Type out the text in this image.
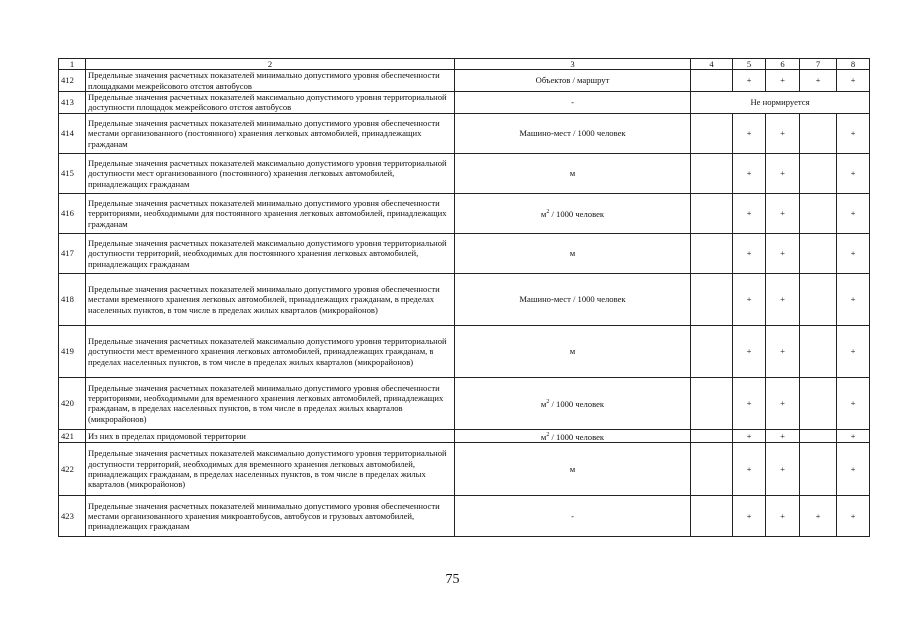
1	2	3	4	5	6	7	8
412	Предельные значения расчетных показателей минимально допустимого уровня обеспеченности площадками межрейсового отстоя автобусов	Объектов / маршрут		+	+	+	+
413	Предельные значения расчетных показателей максимально допустимого уровня территориальной доступности площадок межрейсового отстоя автобусов	-	Не нормируется				
414	Предельные значения расчетных показателей минимально допустимого уровня обеспеченности местами организованного (постоянного) хранения легковых автомобилей, принадлежащих гражданам	Машино-мест / 1000 человек		+	+		+
415	Предельные значения расчетных показателей максимально допустимого уровня территориальной доступности мест организованного (постоянного) хранения легковых автомобилей, принадлежащих гражданам	м		+	+		+
416	Предельные значения расчетных показателей минимально допустимого уровня обеспеченности территориями, необходимыми для постоянного хранения легковых автомобилей, принадлежащих гражданам	$м^2 / 1000$ человек		+	+		+
417	Предельные значения расчетных показателей максимально допустимого уровня территориальной доступности территорий, необходимых для постоянного хранения легковых автомобилей, принадлежащих гражданам	м		+	+		+
418	Предельные значения расчетных показателей минимально допустимого уровня обеспеченности местами временного хранения легковых автомобилей, принадлежащих гражданам, в пределах населенных пунктов, в том числе в пределах жилых кварталов (микрорайонов)	Машино-мест / 1000 человек		+	+		+
419	Предельные значения расчетных показателей максимально допустимого уровня территориальной доступности мест временного хранения легковых автомобилей, принадлежащих гражданам, в пределах населенных пунктов, в том числе в пределах жилых кварталов (микрорайонов)	м		+	+		+
420	Предельные значения расчетных показателей минимально допустимого уровня обеспеченности территориями, необходимыми для временного хранения легковых автомобилей, принадлежащих гражданам, в пределах населенных пунктов, в том числе в пределах жилых кварталов (микрорайонов)	$м^2 / 1000$ человек		+	+		+
421	Из них в пределах придомовой территории	$м^2 / 1000$ человек		+	+		+
422	Предельные значения расчетных показателей максимально допустимого уровня территориальной доступности территорий, необходимых для временного хранения легковых автомобилей, принадлежащих гражданам, в пределах населенных пунктов, в том числе в пределах жилых кварталов (микрорайонов)	м		+	+		+
423	Предельные значения расчетных показателей минимально допустимого уровня обеспеченности местами организованного хранения микроавтобусов, автобусов и грузовых автомобилей, принадлежащих гражданам	-		+	+	+	+
75
